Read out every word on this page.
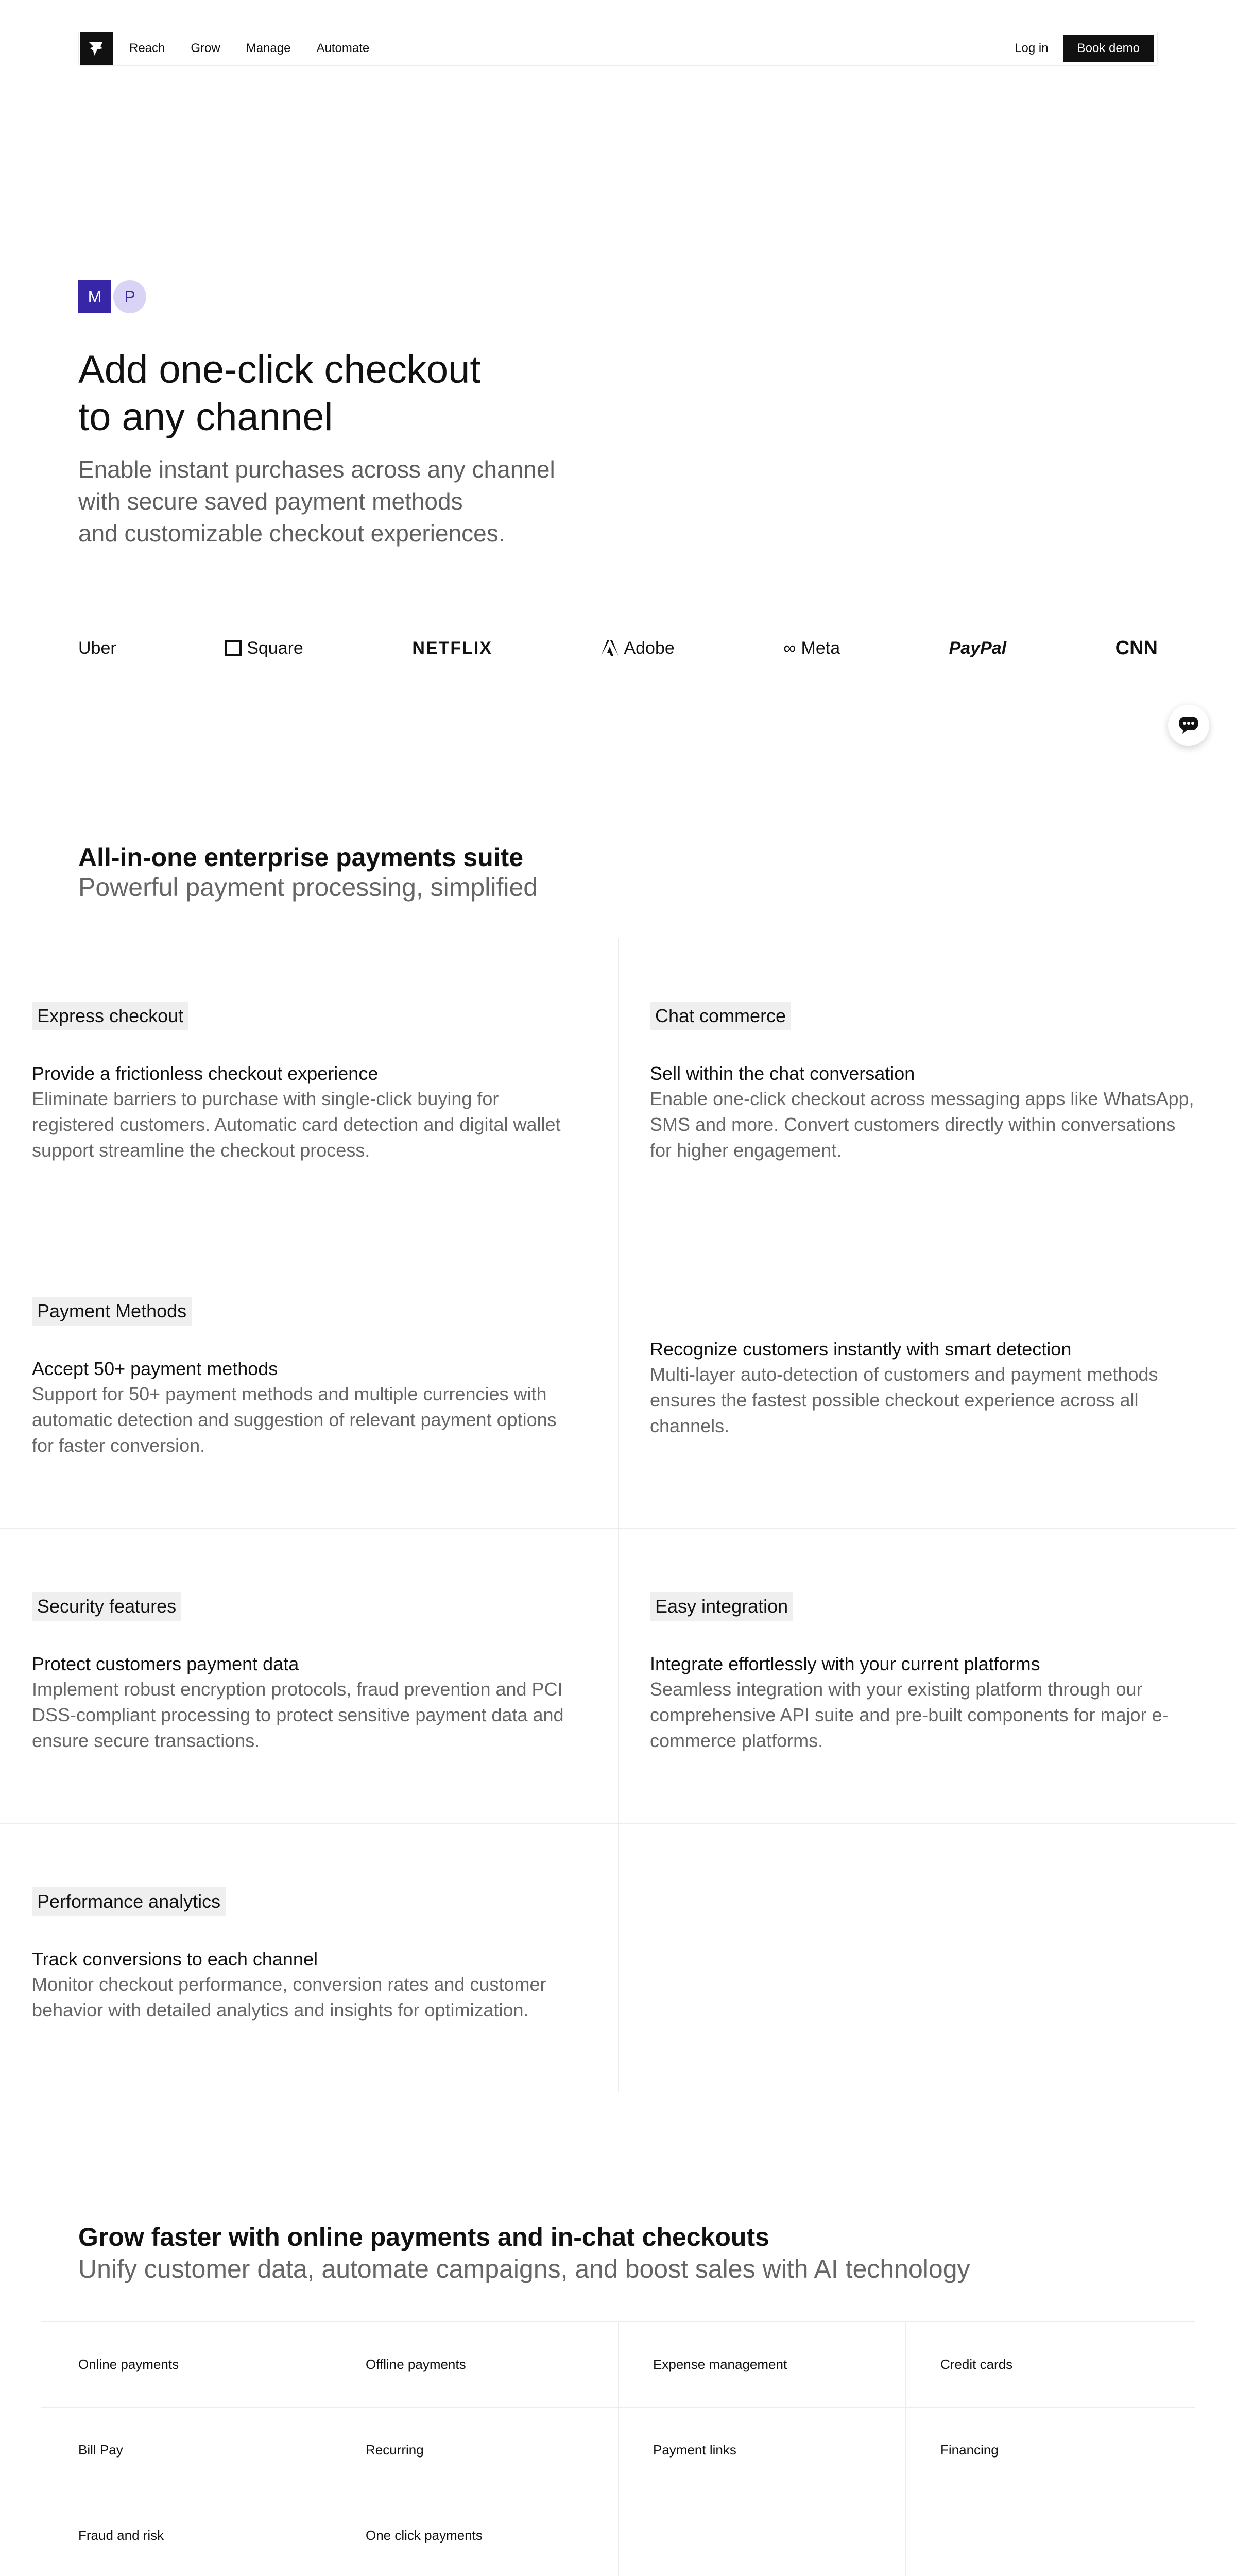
Reach Grow Manage Automate	Log in	Book demo
M	P
Add one-click checkout
to any channel

Enable instant purchases across any channel
with secure saved payment methods
and customizable checkout experiences.

Uber	Square	NETFLIX	Adobe	∞ Meta	PayPal	CNN
All-in-one enterprise payments suite

Powerful payment processing, simplified

Express checkout
Provide a frictionless checkout experience
Eliminate barriers to purchase with single-click buying for registered customers. Automatic card detection and digital wallet support streamline the checkout process.
Chat commerce
Sell within the chat conversation
Enable one-click checkout across messaging apps like WhatsApp, SMS and more. Convert customers directly within conversations for higher engagement.
Payment Methods
Accept 50+ payment methods
Support for 50+ payment methods and multiple currencies with automatic detection and suggestion of relevant payment options for faster conversion.
Recognize customers instantly with smart detection
Multi-layer auto-detection of customers and payment methods ensures the fastest possible checkout experience across all channels.
Security features
Protect customers payment data
Implement robust encryption protocols, fraud prevention and PCI DSS-compliant processing to protect sensitive payment data and ensure secure transactions.
Easy integration
Integrate effortlessly with your current platforms
Seamless integration with your existing platform through our comprehensive API suite and pre-built components for major e-commerce platforms.
Performance analytics
Track conversions to each channel
Monitor checkout performance, conversion rates and customer behavior with detailed analytics and insights for optimization.
Grow faster with online payments and in-chat checkouts

Unify customer data, automate campaigns, and boost sales with AI technology

Online payments	Offline payments	Expense management	Credit cards
Bill Pay	Recurring	Payment links	Financing
Fraud and risk	One click payments
